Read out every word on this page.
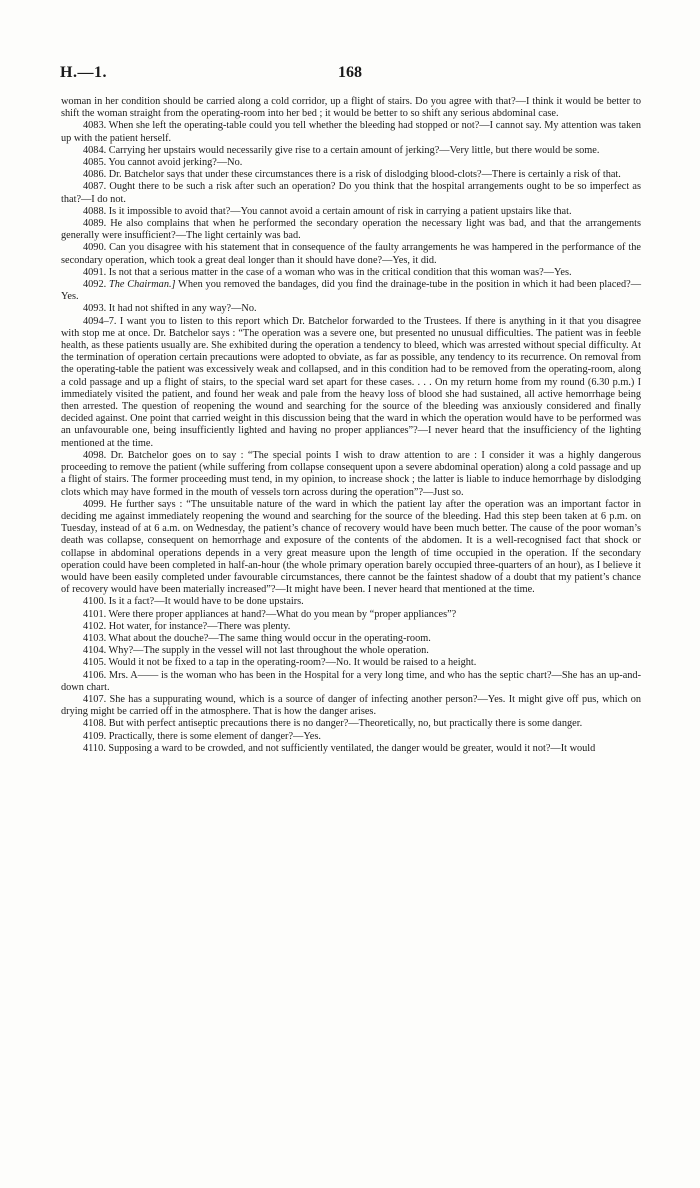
H.—1.	168

woman in her condition should be carried along a cold corridor, up a flight of stairs. Do you agree with that?—I think it would be better to shift the woman straight from the operating-room into her bed ; it would be better to so shift any serious abdominal case.

4083. When she left the operating-table could you tell whether the bleeding had stopped or not?—I cannot say. My attention was taken up with the patient herself.

4084. Carrying her upstairs would necessarily give rise to a certain amount of jerking?—Very little, but there would be some.

4085. You cannot avoid jerking?—No.

4086. Dr. Batchelor says that under these circumstances there is a risk of dislodging blood-clots?—There is certainly a risk of that.

4087. Ought there to be such a risk after such an operation? Do you think that the hospital arrangements ought to be so imperfect as that?—I do not.

4088. Is it impossible to avoid that?—You cannot avoid a certain amount of risk in carrying a patient upstairs like that.

4089. He also complains that when he performed the secondary operation the necessary light was bad, and that the arrangements generally were insufficient?—The light certainly was bad.

4090. Can you disagree with his statement that in consequence of the faulty arrangements he was hampered in the performance of the secondary operation, which took a great deal longer than it should have done?—Yes, it did.

4091. Is not that a serious matter in the case of a woman who was in the critical condition that this woman was?—Yes.

4092. The Chairman.] When you removed the bandages, did you find the drainage-tube in the position in which it had been placed?—Yes.

4093. It had not shifted in any way?—No.

4094–7. I want you to listen to this report which Dr. Batchelor forwarded to the Trustees. If there is anything in it that you disagree with stop me at once. Dr. Batchelor says : “The operation was a severe one, but presented no unusual difficulties. The patient was in feeble health, as these patients usually are. She exhibited during the operation a tendency to bleed, which was arrested without special difficulty. At the termination of operation certain precautions were adopted to obviate, as far as possible, any tendency to its recurrence. On removal from the operating-table the patient was excessively weak and collapsed, and in this condition had to be removed from the operating-room, along a cold passage and up a flight of stairs, to the special ward set apart for these cases. . . . On my return home from my round (6.30 p.m.) I immediately visited the patient, and found her weak and pale from the heavy loss of blood she had sustained, all active hemorrhage being then arrested. The question of reopening the wound and searching for the source of the bleeding was anxiously considered and finally decided against. One point that carried weight in this discussion being that the ward in which the operation would have to be performed was an unfavourable one, being insufficiently lighted and having no proper appliances”?—I never heard that the insufficiency of the lighting mentioned at the time.

4098. Dr. Batchelor goes on to say : “The special points I wish to draw attention to are : I consider it was a highly dangerous proceeding to remove the patient (while suffering from collapse consequent upon a severe abdominal operation) along a cold passage and up a flight of stairs. The former proceeding must tend, in my opinion, to increase shock ; the latter is liable to induce hemorrhage by dislodging clots which may have formed in the mouth of vessels torn across during the operation”?—Just so.

4099. He further says : “The unsuitable nature of the ward in which the patient lay after the operation was an important factor in deciding me against immediately reopening the wound and searching for the source of the bleeding. Had this step been taken at 6 p.m. on Tuesday, instead of at 6 a.m. on Wednesday, the patient’s chance of recovery would have been much better. The cause of the poor woman’s death was collapse, consequent on hemorrhage and exposure of the contents of the abdomen. It is a well-recognised fact that shock or collapse in abdominal operations depends in a very great measure upon the length of time occupied in the operation. If the secondary operation could have been completed in half-an-hour (the whole primary operation barely occupied three-quarters of an hour), as I believe it would have been easily completed under favourable circumstances, there cannot be the faintest shadow of a doubt that my patient’s chance of recovery would have been materially increased”?—It might have been. I never heard that mentioned at the time.

4100. Is it a fact?—It would have to be done upstairs.

4101. Were there proper appliances at hand?—What do you mean by “proper appliances”?

4102. Hot water, for instance?—There was plenty.

4103. What about the douche?—The same thing would occur in the operating-room.

4104. Why?—The supply in the vessel will not last throughout the whole operation.

4105. Would it not be fixed to a tap in the operating-room?—No. It would be raised to a height.

4106. Mrs. A—— is the woman who has been in the Hospital for a very long time, and who has the septic chart?—She has an up-and-down chart.

4107. She has a suppurating wound, which is a source of danger of infecting another person?—Yes. It might give off pus, which on drying might be carried off in the atmosphere. That is how the danger arises.

4108. But with perfect antiseptic precautions there is no danger?—Theoretically, no, but practically there is some danger.

4109. Practically, there is some element of danger?—Yes.

4110. Supposing a ward to be crowded, and not sufficiently ventilated, the danger would be greater, would it not?—It would
